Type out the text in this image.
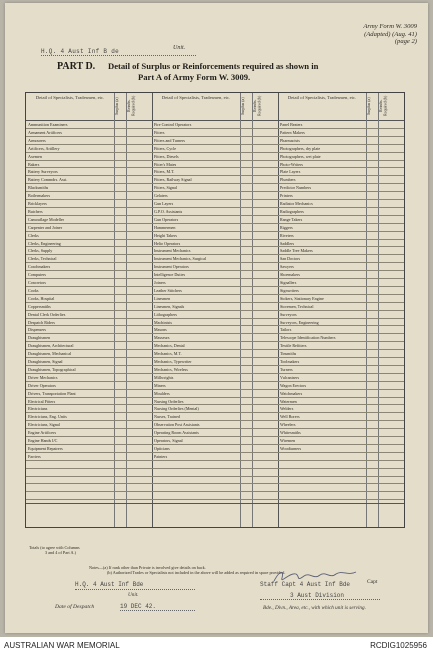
Army Form W. 3009
(Adapted) (Aug. 41)
(page 2)
H.Q. 4 Aust Inf B de	Unit.
PART D. Detail of Surplus or Reinforcements required as shown in
Part A of Army Form W. 3009.
Detail of Specialists, Tradesmen, etc.	Surplus (a)	Reinfts. Required (b)
Ammunition Examiners
Armament Artificers
Armourers
Artificers, Artillery
Axemen
Bakers
Battery Surveyors
Battery Commdrs. Asst.
Blacksmiths
Boilermakers
Bricklayers
Butchers
Camouflage Modeller
Carpenter and Joiner
Clerks
Clerks, Engineering
Clerks, Supply
Clerks, Technical
Coachmakers
Computers
Concretors
Cooks
Cooks, Hospital
Coppersmiths
Dental Clerk Orderlies
Despatch Riders
Dispensers
Draughtsmen
Draughtsmen, Architectural
Draughtsmen, Mechanical
Draughtsmen, Signal
Draughtsmen, Topographical
Driver Mechanics
Driver Operators
Drivers, Transportation Plant
Electrical Fitters
Electricians
Electricians, Eng. Units
Electricians, Signal
Engine Artificers
Engine Hands I/C
Equipment Repairers
Farriers
Detail of Specialists, Tradesmen, etc.	Surplus (a)	Reinfts. Required (b)
Fire Control Operators
Fitters
Fitters and Turners
Fitters, Cycle
Fitters, Diesels
Fitter's Mates
Fitters, M.T.
Fitters, Railway Signal
Fitters, Signal
Gelaters
Gun Layers
G.P.O. Assistants
Gun Operators
Hammermen
Height Takers
Helio Operators
Instrument Mechanics
Instrument Mechanics, Surgical
Instrument Operators
Intelligence Duties
Joiners
Leather Stitchers
Linesmen
Linesmen, Signals
Lithographers
Machinists
Masons
Masseurs
Mechanics, Dental
Mechanics, M.T.
Mechanics, Typewriter
Mechanics, Wireless
Millwrights
Miners
Moulders
Nursing Orderlies
Nursing Orderlies (Mental)
Nurses, Trained
Observation Post Assistants
Operating Room Assistants
Operators, Signal
Opticians
Painters
Detail of Specialists, Tradesmen, etc.	Surplus (a)	Reinfts. Required (b)
Panel Beaters
Pattern Makers
Pharmacists
Photographers, dry plate
Photographers, wet plate
Photo-Writers
Plate Layers
Plumbers
Predictor Numbers
Printers
Radiator Mechanics
Radiographers
Range Takers
Riggers
Riveters
Saddlers
Saddle Tree Makers
San Doctors
Sawyers
Shoemakers
Signallers
Signwriters
Stokers, Stationary Engine
Storemen, Technical
Surveyors
Surveyors, Engineering
Tailors
Telescope Identification Numbers
Textile Refitters
Tinsmiths
Toolmakers
Turners
Vulcanisers
Wagon Erectors
Watchmakers
Watermen
Welders
Well Borers
Wheelers
Whitesmiths
Wiremen
Woodturners
Totals (to agree with Columns
3 and 4 of Part A.)
Notes—(a) If rank other than Private is involved give details on back.
(b) Authorized Trades or Specialists not included in the above will be added as required in space provided.
H.Q. 4 Aust Inf Bde
Unit.
Staff Capt 4 Aust Inf Bde	Capt
3 Aust Division
Date of Despatch	19 DEC 42.	Bde., Divn., Area, etc., with which unit is serving.
AUSTRALIAN WAR MEMORIAL	RCDIG1025956
